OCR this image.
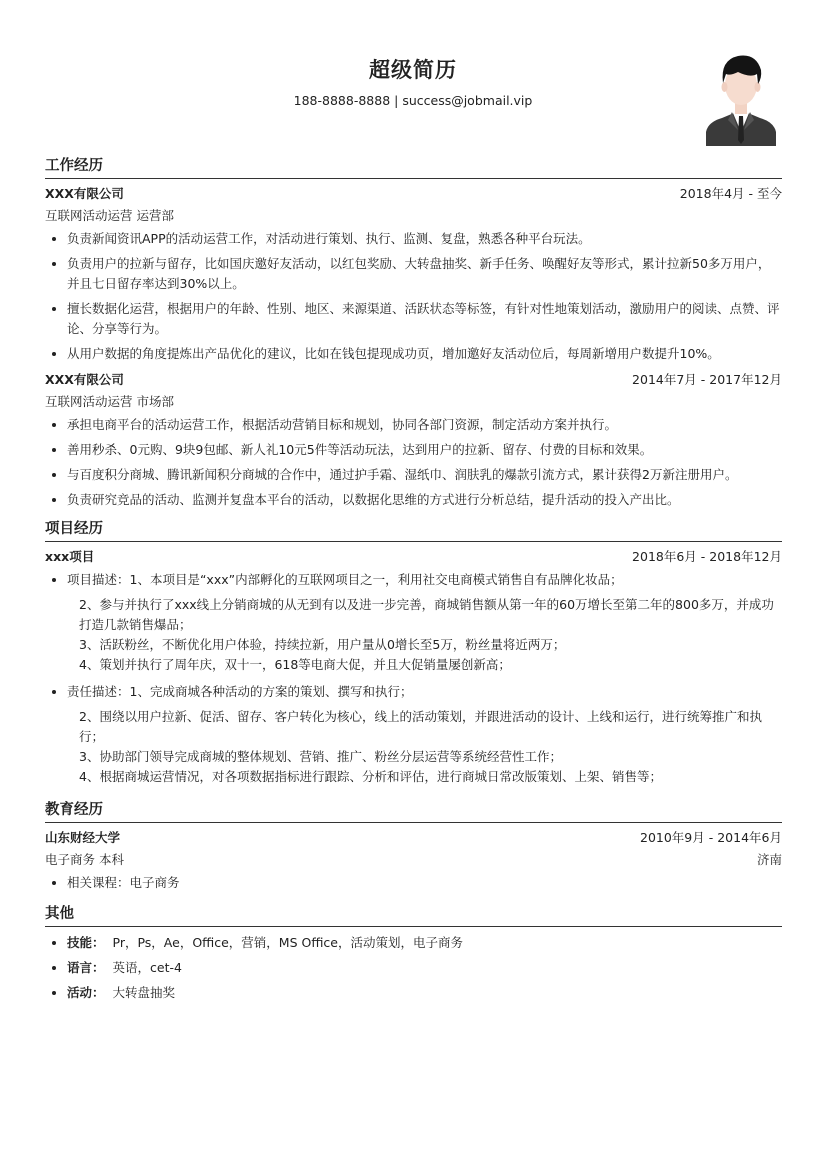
超级简历
188-8888-8888 | success@jobmail.vip
工作经历
XXX有限公司	2018年4月 - 至今
互联网活动运营 运营部
• 负责新闻资讯APP的活动运营工作，对活动进行策划、执行、监测、复盘，熟悉各种平台玩法。
• 负责用户的拉新与留存，比如国庆邀好友活动，以红包奖励、大转盘抽奖、新手任务、唤醒好友等形式，累计拉新50多万用户，并且七日留存率达到30%以上。
• 擅长数据化运营，根据用户的年龄、性别、地区、来源渠道、活跃状态等标签，有针对性地策划活动，激励用户的阅读、点赞、评论、分享等行为。
• 从用户数据的角度提炼出产品优化的建议，比如在钱包提现成功页，增加邀好友活动位后，每周新增用户数提升10%。
XXX有限公司	2014年7月 - 2017年12月
互联网活动运营 市场部
• 承担电商平台的活动运营工作，根据活动营销目标和规划，协同各部门资源，制定活动方案并执行。
• 善用秒杀、0元购、9块9包邮、新人礼10元5件等活动玩法，达到用户的拉新、留存、付费的目标和效果。
• 与百度积分商城、腾讯新闻积分商城的合作中，通过护手霜、湿纸巾、润肤乳的爆款引流方式，累计获得2万新注册用户。
• 负责研究竞品的活动、监测并复盘本平台的活动，以数据化思维的方式进行分析总结，提升活动的投入产出比。
项目经历
xxx项目	2018年6月 - 2018年12月
• 项目描述：1、本项目是“xxx”内部孵化的互联网项目之一，利用社交电商模式销售自有品牌化妆品；

2、参与并执行了xxx线上分销商城的从无到有以及进一步完善，商城销售额从第一年的60万增长至第二年的800多万，并成功打造几款销售爆品；

3、活跃粉丝，不断优化用户体验，持续拉新，用户量从0增长至5万，粉丝量将近两万；

4、策划并执行了周年庆，双十一，618等电商大促，并且大促销量屡创新高；

• 责任描述：1、完成商城各种活动的方案的策划、撰写和执行；

2、围绕以用户拉新、促活、留存、客户转化为核心，线上的活动策划，并跟进活动的设计、上线和运行，进行统筹推广和执行；

3、协助部门领导完成商城的整体规划、营销、推广、粉丝分层运营等系统经营性工作；

4、根据商城运营情况，对各项数据指标进行跟踪、分析和评估，进行商城日常改版策划、上架、销售等；

教育经历
山东财经大学	2010年9月 - 2014年6月
电子商务 本科	济南
• 相关课程：电子商务
其他
• 技能： Pr，Ps，Ae，Office，营销，MS Office，活动策划，电子商务
• 语言： 英语，cet-4
• 活动： 大转盘抽奖
